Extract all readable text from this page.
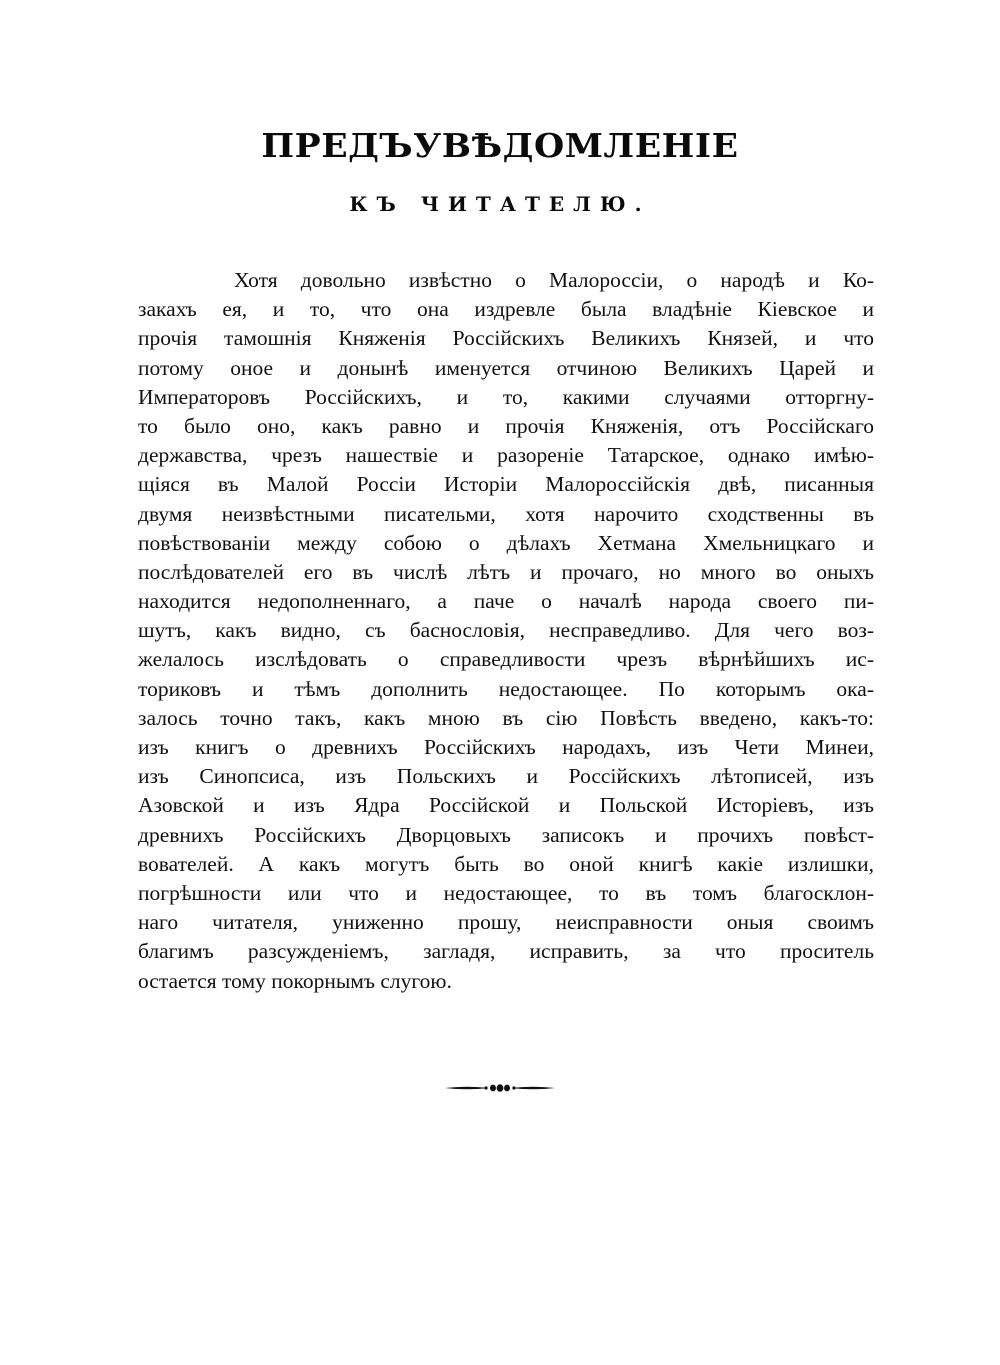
ПРЕДЪУВѢДОМЛЕНІЕ
КЪ ЧИТАТЕЛЮ.
Хотя довольно извѣстно о Малороссіи, о народѣ и Ко-
закахъ ея, и то, что она издревле была владѣніе Кіевское и
прочія тамошнія Княженія Россійскихъ Великихъ Князей, и что
потому оное и донынѣ именуется отчиною Великихъ Царей и
Императоровъ Россійскихъ, и то, какими случаями отторгну-
то было оно, какъ равно и прочія Княженія, отъ Россійскаго
державства, чрезъ нашествіе и разореніе Татарское, однако имѣю-
щіяся въ Малой Россіи Исторіи Малороссійскія двѣ, писанныя
двумя неизвѣстными писательми, хотя нарочито сходственны въ
повѣствованіи между собою о дѣлахъ Хетмана Хмельницкаго и
послѣдователей его въ числѣ лѣтъ и прочаго, но много во оныхъ
находится недополненнаго, а паче о началѣ народа своего пи-
шутъ, какъ видно, съ баснословія, несправедливо. Для чего воз-
желалось изслѣдовать о справедливости чрезъ вѣрнѣйшихъ ис-
ториковъ и тѣмъ дополнить недостающее. По которымъ ока-
залось точно такъ, какъ мною въ сію Повѣсть введено, какъ-то:
изъ книгъ о древнихъ Россійскихъ народахъ, изъ Чети Минеи,
изъ Синопсиса, изъ Польскихъ и Россійскихъ лѣтописей, изъ
Азовской и изъ Ядра Россійской и Польской Исторіевъ, изъ
древнихъ Россійскихъ Дворцовыхъ записокъ и прочихъ повѣст-
вователей. А какъ могутъ быть во оной книгѣ какіе излишки,
погрѣшности или что и недостающее, то въ томъ благосклон-
наго читателя, униженно прошу, неисправности оныя своимъ
благимъ разсужденіемъ, загладя, исправить, за что проситель
остается тому покорнымъ слугою.
